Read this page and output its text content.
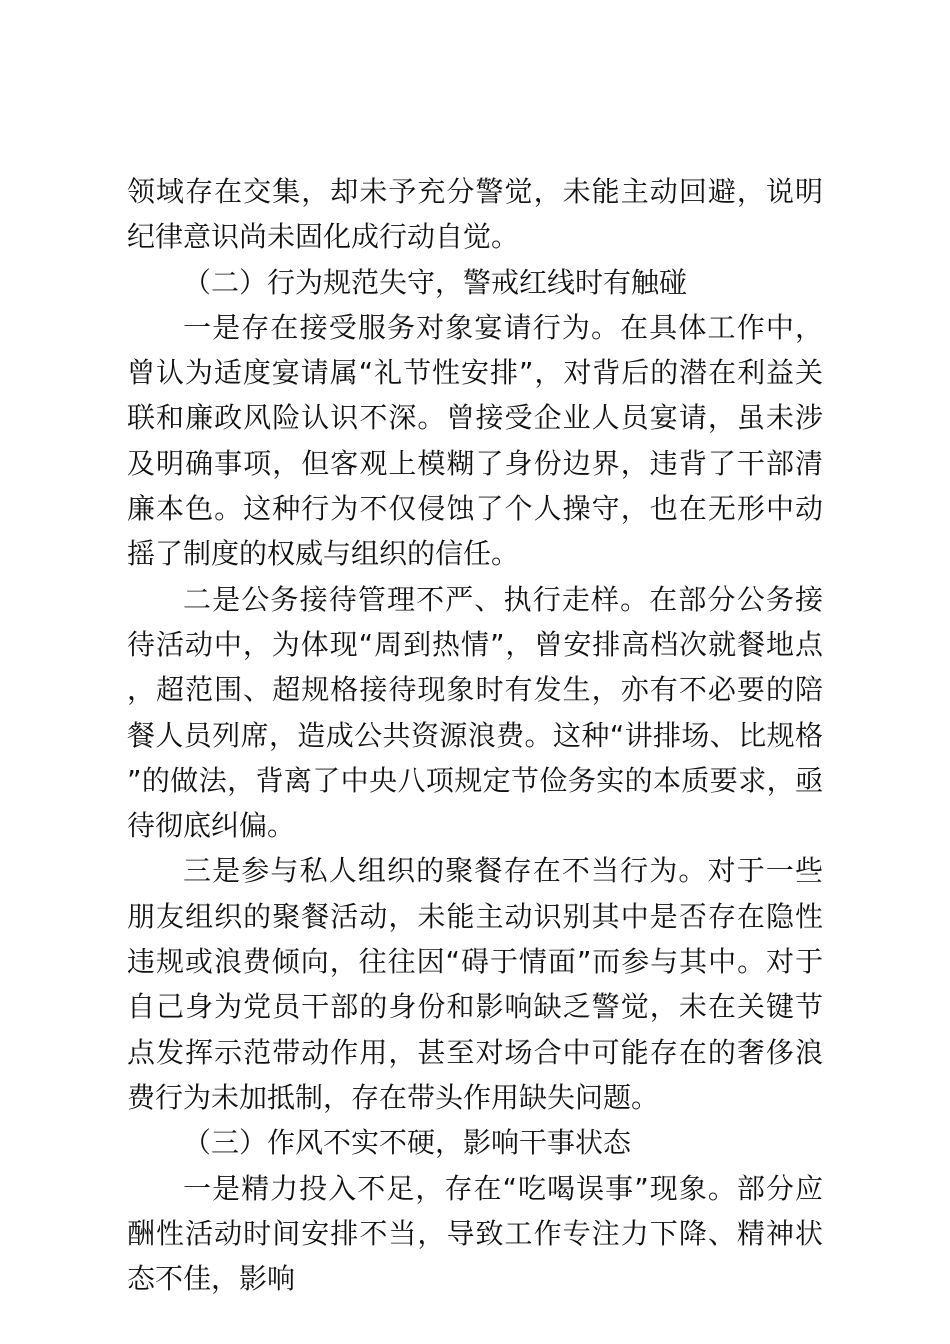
领域存在交集，却未予充分警觉，未能主动回避，说明纪律意识尚未固化成行动自觉。

（二）行为规范失守，警戒红线时有触碰

一是存在接受服务对象宴请行为。在具体工作中，曾认为适度宴请属“礼节性安排”，对背后的潜在利益关联和廉政风险认识不深。曾接受企业人员宴请，虽未涉及明确事项，但客观上模糊了身份边界，违背了干部清廉本色。这种行为不仅侵蚀了个人操守，也在无形中动摇了制度的权威与组织的信任。

二是公务接待管理不严、执行走样。在部分公务接待活动中，为体现“周到热情”，曾安排高档次就餐地点，超范围、超规格接待现象时有发生，亦有不必要的陪餐人员列席，造成公共资源浪费。这种“讲排场、比规格”的做法，背离了中央八项规定节俭务实的本质要求，亟待彻底纠偏。

三是参与私人组织的聚餐存在不当行为。对于一些朋友组织的聚餐活动，未能主动识别其中是否存在隐性违规或浪费倾向，往往因“碍于情面”而参与其中。对于自己身为党员干部的身份和影响缺乏警觉，未在关键节点发挥示范带动作用，甚至对场合中可能存在的奢侈浪费行为未加抵制，存在带头作用缺失问题。

（三）作风不实不硬，影响干事状态

一是精力投入不足，存在“吃喝误事”现象。部分应酬性活动时间安排不当，导致工作专注力下降、精神状态不佳，影响
